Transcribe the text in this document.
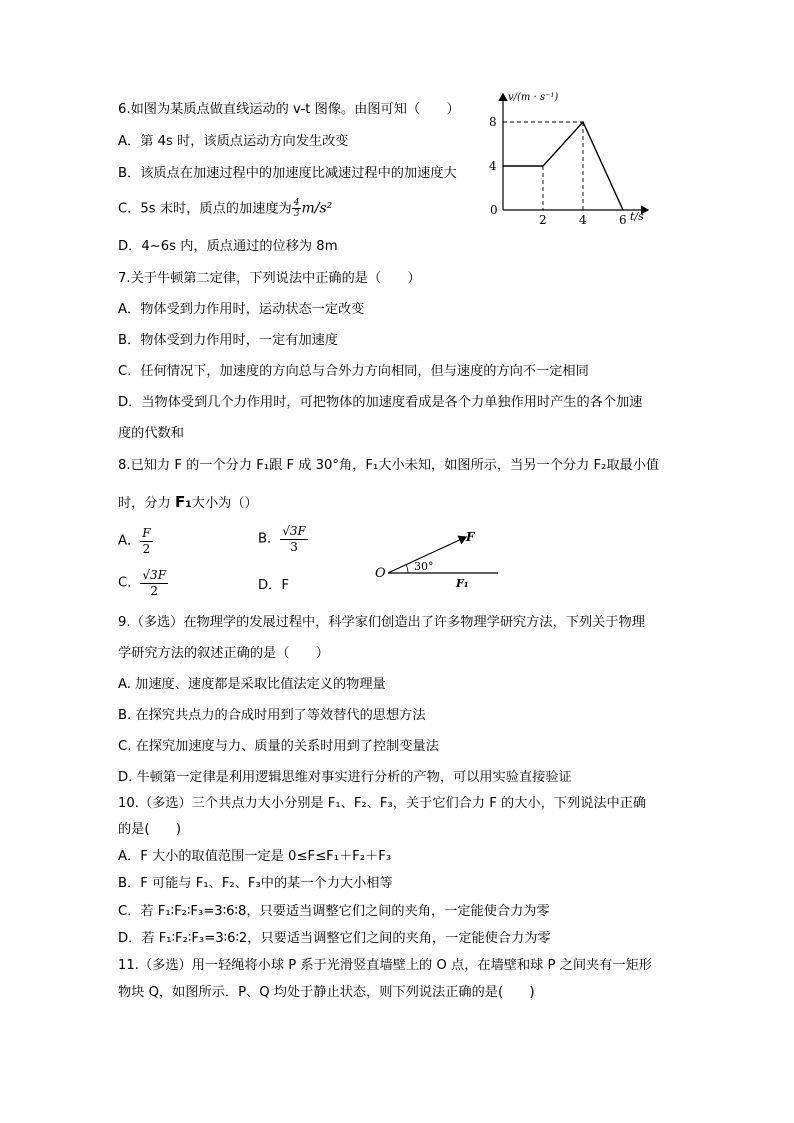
6.如图为某质点做直线运动的 v-t 图像。由图可知（　　）
A．第 4s 时，该质点运动方向发生改变
B．该质点在加速过程中的加速度比减速过程中的加速度大
C．5s 末时，质点的加速度为 $\frac{4}{3} m/s^2$
D．4~6s 内，质点通过的位移为 8m
2	4	6
4
8
v/(m · s⁻¹)
t/s
0
7.关于牛顿第二定律，下列说法中正确的是（　　）
A．物体受到力作用时，运动状态一定改变
B．物体受到力作用时，一定有加速度
C．任何情况下，加速度的方向总与合外力方向相同，但与速度的方向不一定相同
D．当物体受到几个力作用时，可把物体的加速度看成是各个力单独作用时产生的各个加速
度的代数和
8.已知力 F 的一个分力 F₁跟 F 成 30°角，F₁大小未知，如图所示，当另一个分力 F₂取最小值
时，分力 F₁大小为（）
A． $\frac{F}{2}$	B． $\frac{√3F}{3}$
C． $\frac{√3F}{2}$	D．F
O
F
30°
F₁
9.（多选）在物理学的发展过程中，科学家们创造出了许多物理学研究方法，下列关于物理
学研究方法的叙述正确的是（　　）
A. 加速度、速度都是采取比值法定义的物理量
B. 在探究共点力的合成时用到了等效替代的思想方法
C. 在探究加速度与力、质量的关系时用到了控制变量法
D. 牛顿第一定律是利用逻辑思维对事实进行分析的产物，可以用实验直接验证
10.（多选）三个共点力大小分别是 F₁、F₂、F₃，关于它们合力 F 的大小，下列说法中正确
的是(　　)
A．F 大小的取值范围一定是 0≤F≤F₁＋F₂＋F₃
B．F 可能与 F₁、F₂、F₃中的某一个力大小相等
C．若 F₁∶F₂∶F₃=3∶6∶8，只要适当调整它们之间的夹角，一定能使合力为零
D．若 F₁∶F₂∶F₃=3∶6∶2，只要适当调整它们之间的夹角，一定能使合力为零
11.（多选）用一轻绳将小球 P 系于光滑竖直墙壁上的 O 点，在墙壁和球 P 之间夹有一矩形
物块 Q，如图所示．P、Q 均处于静止状态，则下列说法正确的是(　　)
